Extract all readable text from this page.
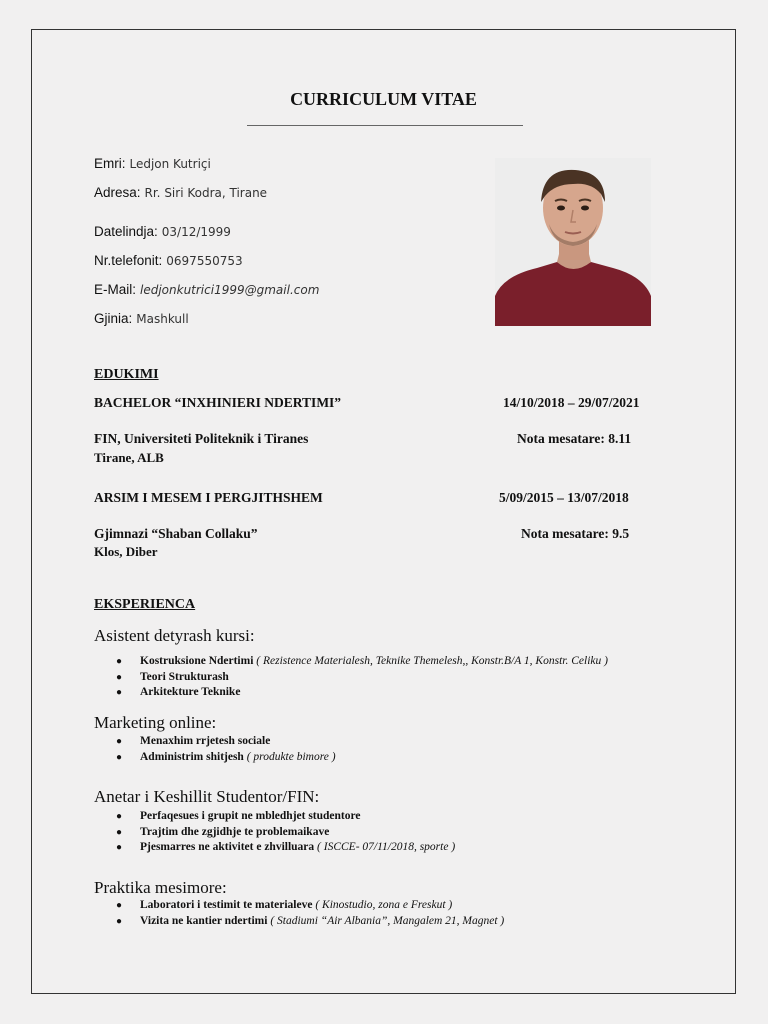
CURRICULUM VITAE
Emri: Ledjon Kutriçi
Adresa: Rr. Siri Kodra, Tirane
Datelindja: 03/12/1999
Nr.telefonit: 0697550753
E-Mail: ledjonkutrici1999@gmail.com
Gjinia: Mashkull
EDUKIMI
BACHELOR “INXHINIERI NDERTIMI”	14/10/2018 – 29/07/2021
FIN, Universiteti Politeknik i Tiranes	Nota mesatare: 8.11
Tirane, ALB
ARSIM I MESEM I PERGJITHSHEM	5/09/2015 – 13/07/2018
Gjimnazi “Shaban Collaku”	Nota mesatare: 9.5
Klos, Diber
EKSPERIENCA
Asistent detyrash kursi:
● Kostruksione Ndertimi ( Rezistence Materialesh, Teknike Themelesh,, Konstr.B/A 1, Konstr. Celiku )
● Teori Strukturash
● Arkitekture Teknike
Marketing online:
● Menaxhim rrjetesh sociale
● Administrim shitjesh ( produkte bimore )
Anetar i Keshillit Studentor/FIN:
● Perfaqesues i grupit ne mbledhjet studentore
● Trajtim dhe zgjidhje te problemaikave
● Pjesmarres ne aktivitet e zhvilluara ( ISCCE- 07/11/2018, sporte )
Praktika mesimore:
● Laboratori i testimit te materialeve ( Kinostudio, zona e Freskut )
● Vizita ne kantier ndertimi ( Stadiumi “Air Albania”, Mangalem 21, Magnet )
